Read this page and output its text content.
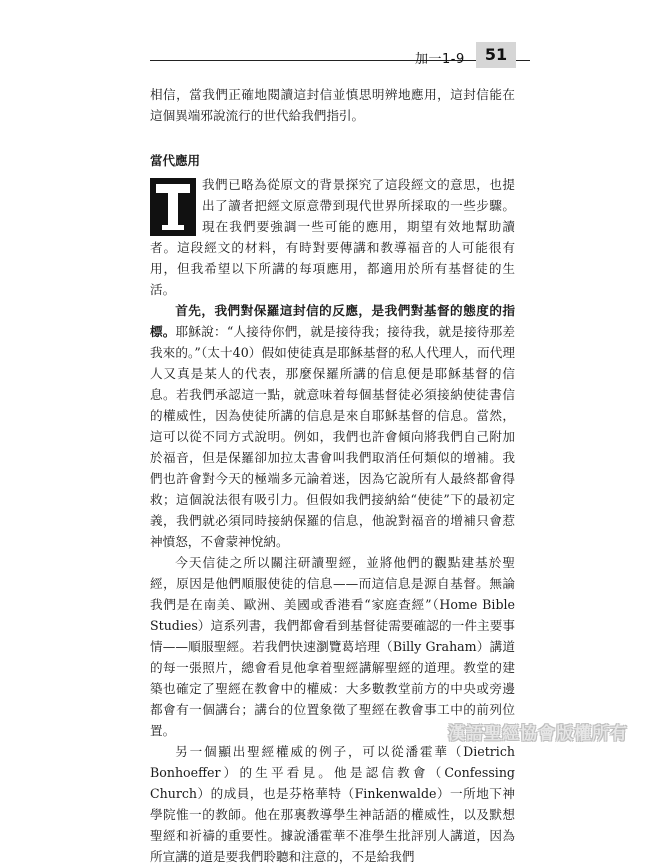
加一1-9	51

相信，當我們正確地閱讀這封信並慎思明辨地應用，這封信能在這個異端邪說流行的世代給我們指引。

當代應用

我們已略為從原文的背景探究了這段經文的意思，也提出了讀者把經文原意帶到現代世界所採取的一些步驟。現在我們要強調一些可能的應用，期望有效地幫助讀者。這段經文的材料，有時對要傳講和教導福音的人可能很有用，但我希望以下所講的每項應用，都適用於所有基督徒的生活。

首先，我們對保羅這封信的反應，是我們對基督的態度的指標。耶穌說：“人接待你們，就是接待我；接待我，就是接待那差我來的。”（太十40）假如使徒真是耶穌基督的私人代理人，而代理人又真是某人的代表，那麼保羅所講的信息便是耶穌基督的信息。若我們承認這一點，就意味着每個基督徒必須接納使徒書信的權威性，因為使徒所講的信息是來自耶穌基督的信息。當然，這可以從不同方式說明。例如，我們也許會傾向將我們自己附加於福音，但是保羅卻加拉太書會叫我們取消任何類似的增補。我們也許會對今天的極端多元論着迷，因為它說所有人最終都會得救；這個說法很有吸引力。但假如我們接納給“使徒”下的最初定義，我們就必須同時接納保羅的信息，他說對福音的增補只會惹神憤怒，不會蒙神悅納。

今天信徒之所以關注研讀聖經，並將他們的觀點建基於聖經，原因是他們順服使徒的信息——而這信息是源自基督。無論我們是在南美、歐洲、美國或香港看“家庭查經”（Home Bible Studies）這系列書，我們都會看到基督徒需要確認的一件主要事情——順服聖經。若我們快速瀏覽葛培理（Billy Graham）講道的每一張照片，總會看見他拿着聖經講解聖經的道理。教堂的建築也確定了聖經在教會中的權威：大多數教堂前方的中央或旁邊都會有一個講台；講台的位置象徵了聖經在教會事工中的前列位置。

另一個顯出聖經權威的例子，可以從潘霍華（Dietrich Bonhoeffer）的生平看見。他是認信教會（Confessing Church）的成員，也是芬格華特（Finkenwalde）一所地下神學院惟一的教師。他在那裏教導學生神話語的權威性，以及默想聖經和祈禱的重要性。據說潘霍華不准學生批評別人講道，因為所宣講的道是要我們聆聽和注意的，不是給我們

漢語聖經協會版權所有
